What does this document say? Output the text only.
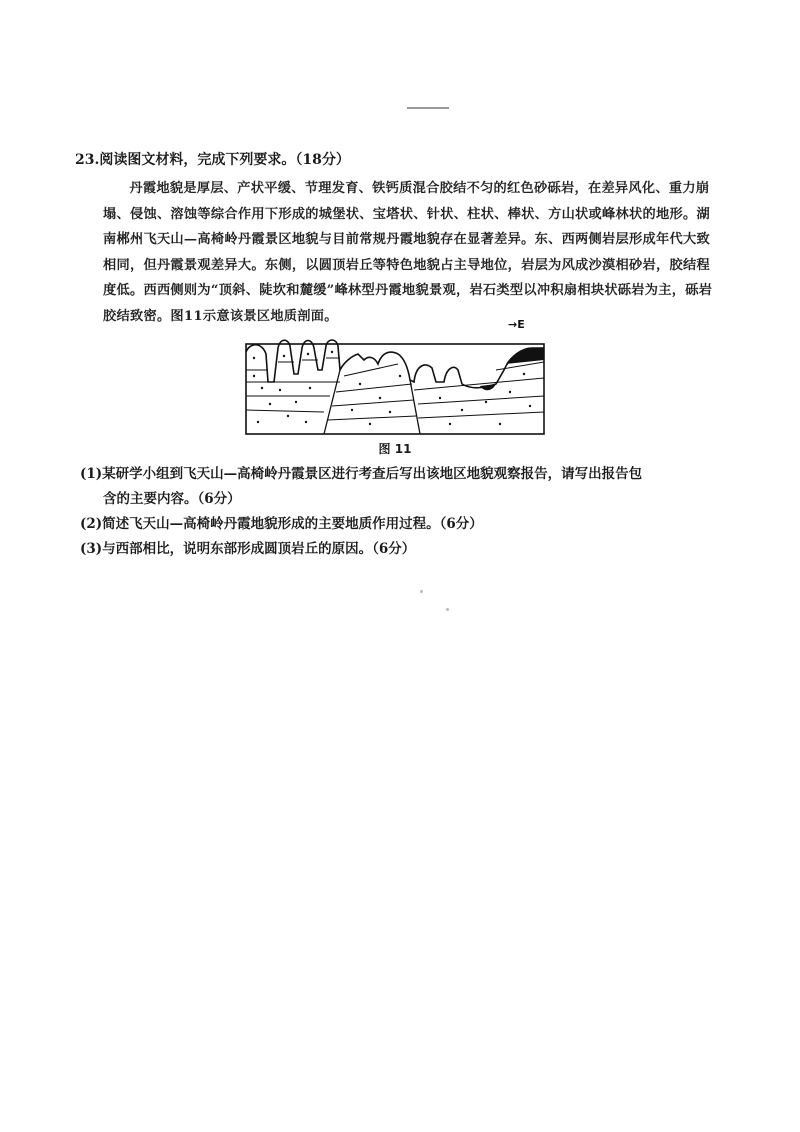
23.阅读图文材料，完成下列要求。（18分）

丹霞地貌是厚层、产状平缓、节理发育、铁钙质混合胶结不匀的红色砂砾岩，在差异风化、重力崩塌、侵蚀、溶蚀等综合作用下形成的城堡状、宝塔状、针状、柱状、棒状、方山状或峰林状的地形。湖南郴州飞天山—高椅岭丹霞景区地貌与目前常规丹霞地貌存在显著差异。东、西两侧岩层形成年代大致相同，但丹霞景观差异大。东侧，以圆顶岩丘等特色地貌占主导地位，岩层为风成沙漠相砂岩，胶结程度低。西西侧则为“顶斜、陡坎和麓缓”峰林型丹霞地貌景观，岩石类型以冲积扇相块状砾岩为主，砾岩胶结致密。图11示意该景区地质剖面。

→E
图 11

(1)某研学小组到飞天山—高椅岭丹霞景区进行考查后写出该地区地貌观察报告，请写出报告包
含的主要内容。（6分）

(2)简述飞天山—高椅岭丹霞地貌形成的主要地质作用过程。（6分）

(3)与西部相比，说明东部形成圆顶岩丘的原因。（6分）
